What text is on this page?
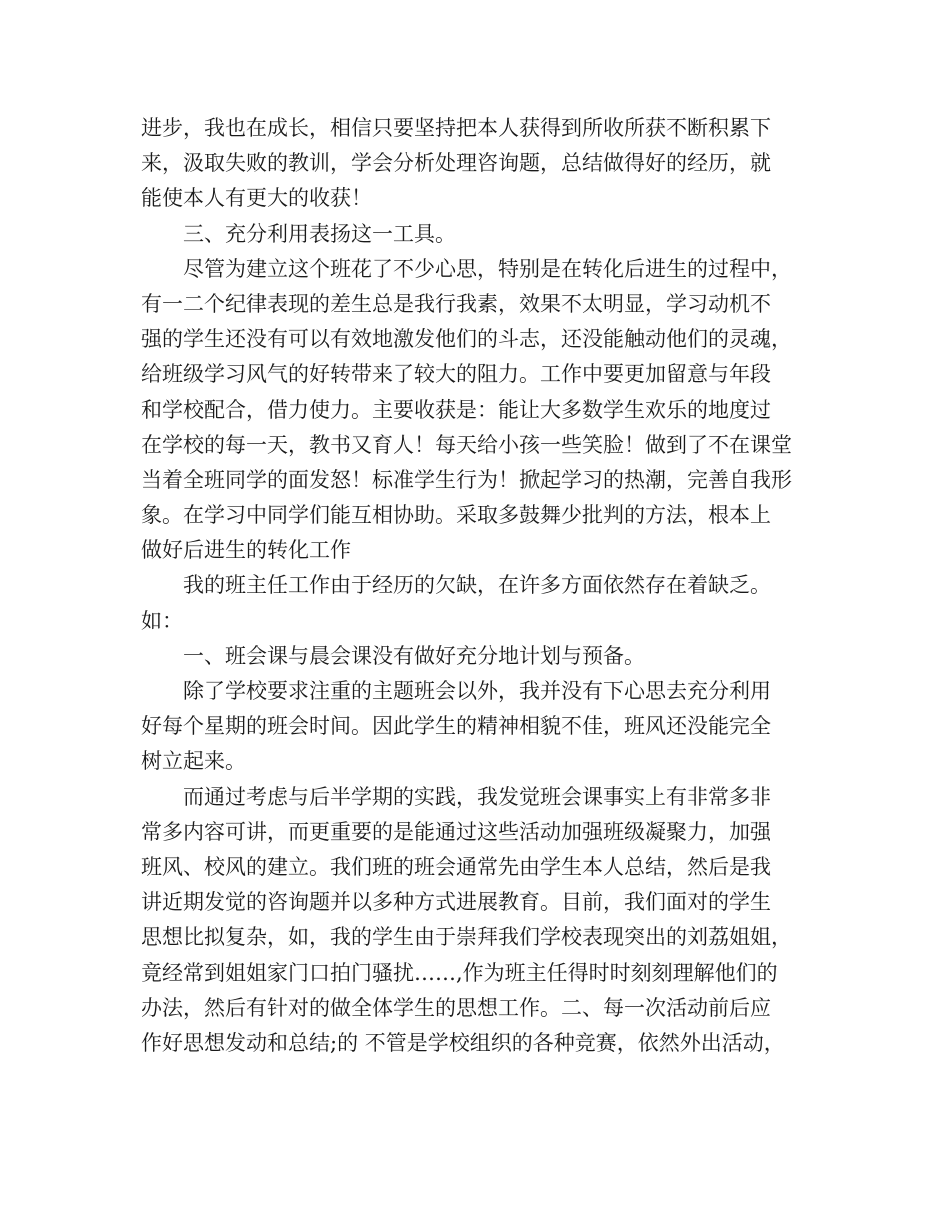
进步，我也在成长，相信只要坚持把本人获得到所收所获不断积累下
来，汲取失败的教训，学会分析处理咨询题，总结做得好的经历，就
能使本人有更大的收获！
三、充分利用表扬这一工具。
尽管为建立这个班花了不少心思，特别是在转化后进生的过程中，
有一二个纪律表现的差生总是我行我素，效果不太明显，学习动机不
强的学生还没有可以有效地激发他们的斗志，还没能触动他们的灵魂，
给班级学习风气的好转带来了较大的阻力。工作中要更加留意与年段
和学校配合，借力使力。主要收获是：能让大多数学生欢乐的地度过
在学校的每一天，教书又育人！每天给小孩一些笑脸！做到了不在课堂
当着全班同学的面发怒！标准学生行为！掀起学习的热潮，完善自我形
象。在学习中同学们能互相协助。采取多鼓舞少批判的方法，根本上
做好后进生的转化工作
我的班主任工作由于经历的欠缺，在许多方面依然存在着缺乏。
如：
一、班会课与晨会课没有做好充分地计划与预备。
除了学校要求注重的主题班会以外，我并没有下心思去充分利用
好每个星期的班会时间。因此学生的精神相貌不佳，班风还没能完全
树立起来。
而通过考虑与后半学期的实践，我发觉班会课事实上有非常多非
常多内容可讲，而更重要的是能通过这些活动加强班级凝聚力，加强
班风、校风的建立。我们班的班会通常先由学生本人总结，然后是我
讲近期发觉的咨询题并以多种方式进展教育。目前，我们面对的学生
思想比拟复杂，如，我的学生由于崇拜我们学校表现突出的刘荔姐姐，
竟经常到姐姐家门口拍门骚扰……,作为班主任得时时刻刻理解他们的
办法，然后有针对的做全体学生的思想工作。二、每一次活动前后应
作好思想发动和总结;的 不管是学校组织的各种竞赛，依然外出活动，
